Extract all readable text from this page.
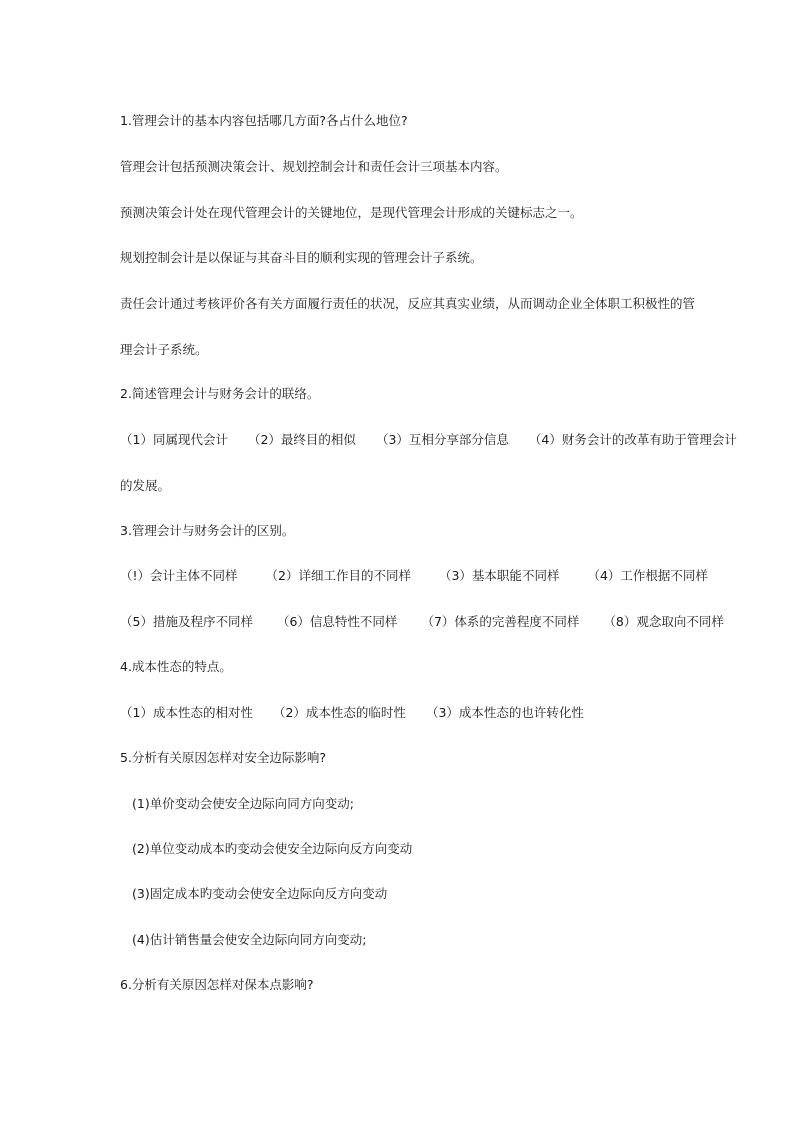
1.管理会计的基本内容包括哪几方面?各占什么地位?
管理会计包括预测决策会计、规划控制会计和责任会计三项基本内容。
预测决策会计处在现代管理会计的关键地位，是现代管理会计形成的关键标志之一。
规划控制会计是以保证与其奋斗目的顺利实现的管理会计子系统。
责任会计通过考核评价各有关方面履行责任的状况，反应其真实业绩，从而调动企业全体职工积极性的管
理会计子系统。
2.简述管理会计与财务会计的联络。
（1）同属现代会计 （2）最终目的相似 （3）互相分享部分信息 （4）财务会计的改革有助于管理会计
的发展。
3.管理会计与财务会计的区别。
（!）会计主体不同样 （2）详细工作目的不同样 （3）基本职能不同样 （4）工作根据不同样
（5）措施及程序不同样 （6）信息特性不同样 （7）体系的完善程度不同样 （8）观念取向不同样
4.成本性态的特点。
（1）成本性态的相对性 （2）成本性态的临时性 （3）成本性态的也许转化性
5.分析有关原因怎样对安全边际影响?
(1)单价变动会使安全边际向同方向变动;
(2)单位变动成本旳变动会使安全边际向反方向变动
(3)固定成本旳变动会使安全边际向反方向变动
(4)估计销售量会使安全边际向同方向变动;
6.分析有关原因怎样对保本点影响?
